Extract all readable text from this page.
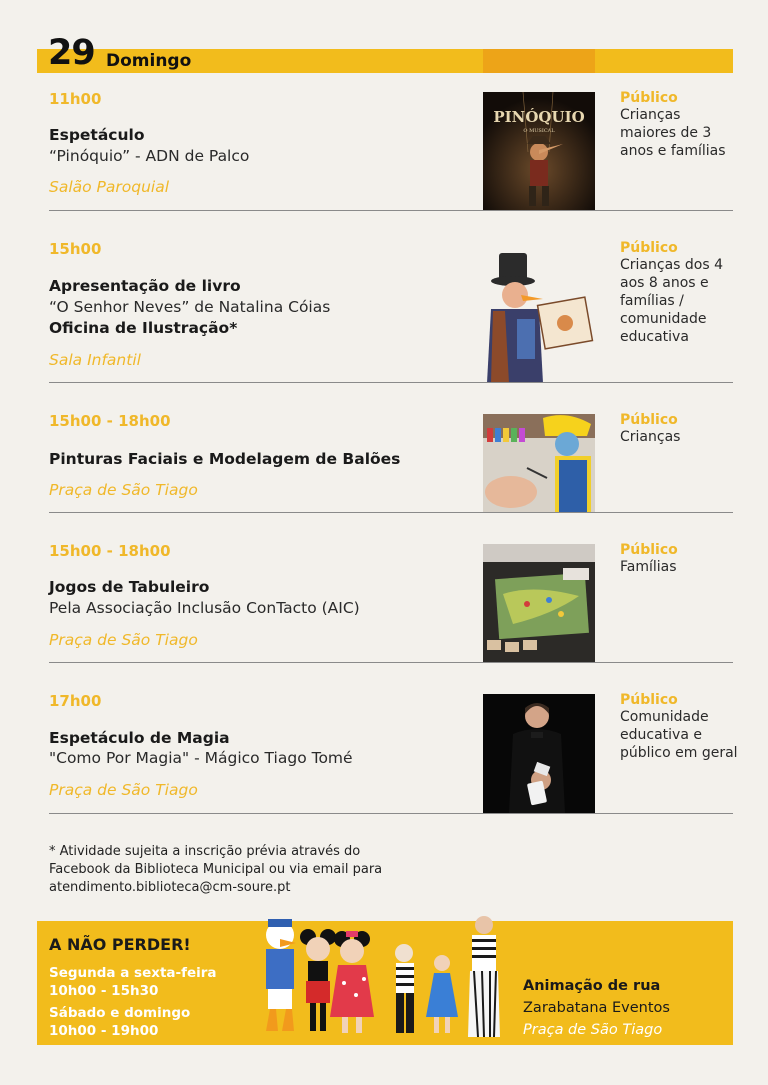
29 Domingo
11h00
Espetáculo
“Pinóquio” - ADN de Palco
Salão Paroquial
PINÓQUIO
O MUSICAL
Público
Crianças maiores de 3 anos e famílias
15h00
Apresentação de livro
“O Senhor Neves” de Natalina Cóias
Oficina de Ilustração*
Sala Infantil
Público
Crianças dos 4 aos 8 anos e famílias / comunidade educativa
15h00 - 18h00
Pinturas Faciais e Modelagem de Balões
Praça de São Tiago
Público
Crianças
15h00 - 18h00
Jogos de Tabuleiro
Pela Associação Inclusão ConTacto (AIC)
Praça de São Tiago
Público
Famílias
17h00
Espetáculo de Magia
"Como Por Magia" - Mágico Tiago Tomé
Praça de São Tiago
Público
Comunidade educativa e público em geral
* Atividade sujeita a inscrição prévia através do
Facebook da Biblioteca Municipal ou via email para
atendimento.biblioteca@cm-soure.pt
A NÃO PERDER!
Segunda a sexta-feira
10h00 - 15h30
Sábado e domingo
10h00 - 19h00
Animação de rua
Zarabatana Eventos
Praça de São Tiago
